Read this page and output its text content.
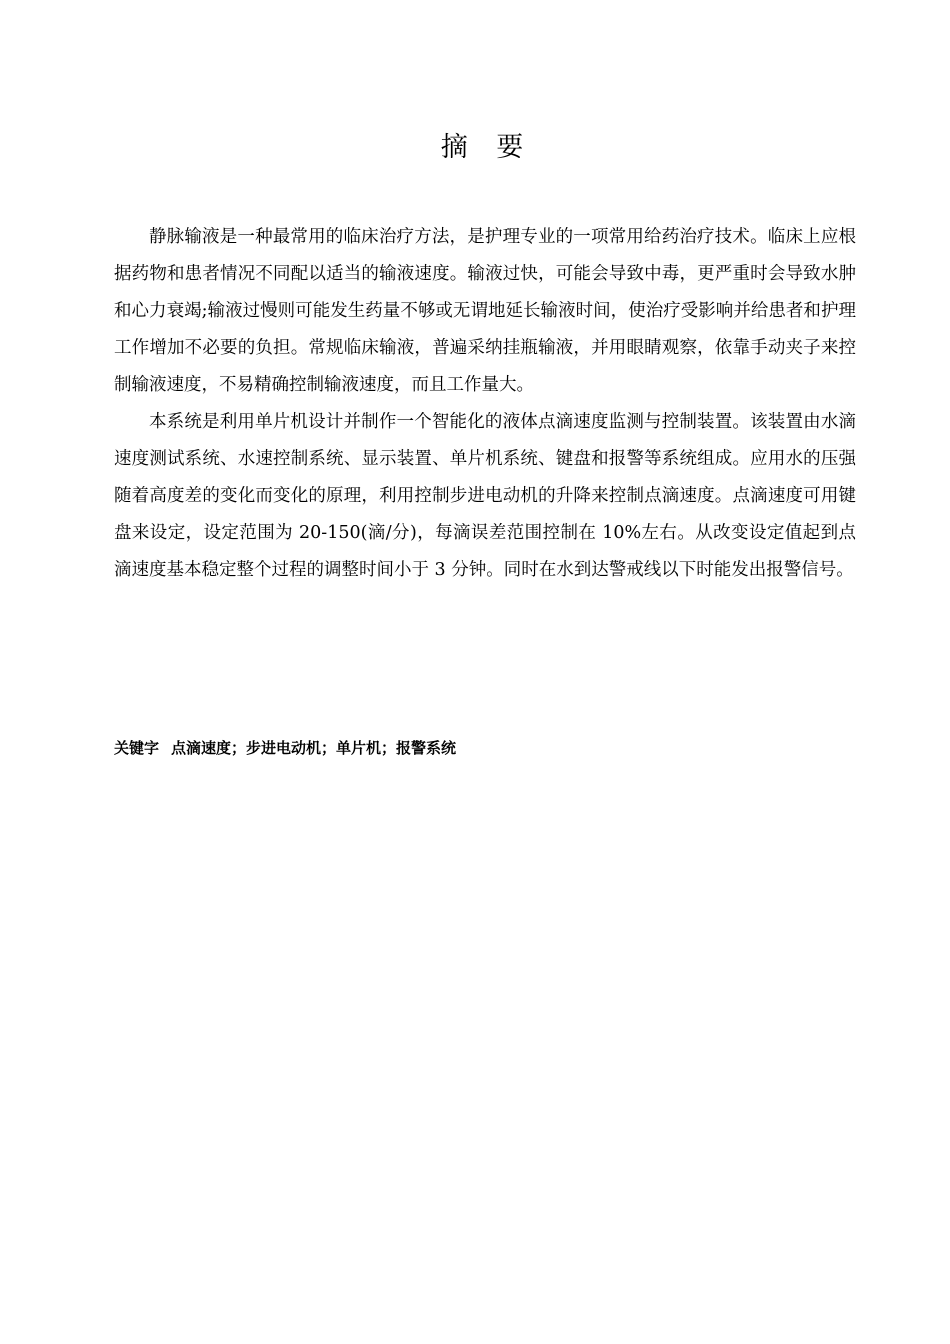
摘 要

静脉输液是一种最常用的临床治疗方法，是护理专业的一项常用给药治疗技术。临床上应根据药物和患者情况不同配以适当的输液速度。输液过快，可能会导致中毒，更严重时会导致水肿和心力衰竭;输液过慢则可能发生药量不够或无谓地延长输液时间，使治疗受影响并给患者和护理工作增加不必要的负担。常规临床输液，普遍采纳挂瓶输液，并用眼睛观察，依靠手动夹子来控制输液速度，不易精确控制输液速度，而且工作量大。

本系统是利用单片机设计并制作一个智能化的液体点滴速度监测与控制装置。该装置由水滴速度测试系统、水速控制系统、显示装置、单片机系统、键盘和报警等系统组成。应用水的压强随着高度差的变化而变化的原理，利用控制步进电动机的升降来控制点滴速度。点滴速度可用键盘来设定，设定范围为 20-150(滴/分)，每滴误差范围控制在 10%左右。从改变设定值起到点滴速度基本稳定整个过程的调整时间小于 3 分钟。同时在水到达警戒线以下时能发出报警信号。

关键字 点滴速度；步进电动机；单片机；报警系统
